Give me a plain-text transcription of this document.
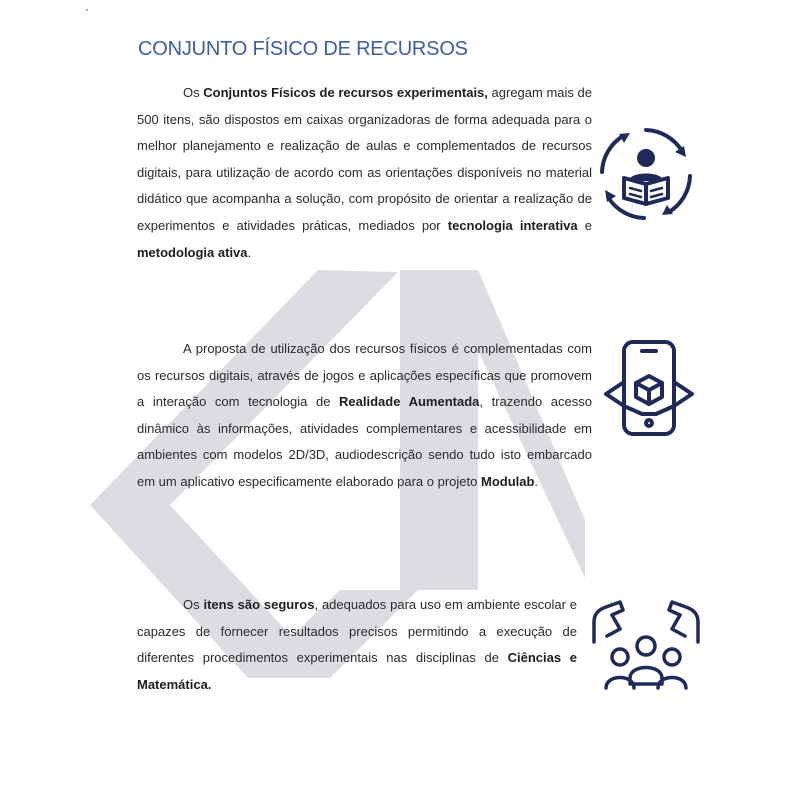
CONJUNTO FÍSICO DE RECURSOS

Os Conjuntos Físicos de recursos experimentais, agregam mais de 500 itens, são dispostos em caixas organizadoras de forma adequada para o melhor planejamento e realização de aulas e complementados de recursos digitais, para utilização de acordo com as orientações disponíveis no material didático que acompanha a solução, com propósito de orientar a realização de experimentos e atividades práticas, mediados por tecnologia interativa e metodologia ativa.

A proposta de utilização dos recursos físicos é complementadas com os recursos digitais, através de jogos e aplicações específicas que promovem a interação com tecnologia de Realidade Aumentada, trazendo acesso dinâmico às informações, atividades complementares e acessibilidade em ambientes com modelos 2D/3D, audiodescrição sendo tudo isto embarcado em um aplicativo especificamente elaborado para o projeto Modulab.

Os itens são seguros, adequados para uso em ambiente escolar e capazes de fornecer resultados precisos permitindo a execução de diferentes procedimentos experimentais nas disciplinas de Ciências e Matemática.
